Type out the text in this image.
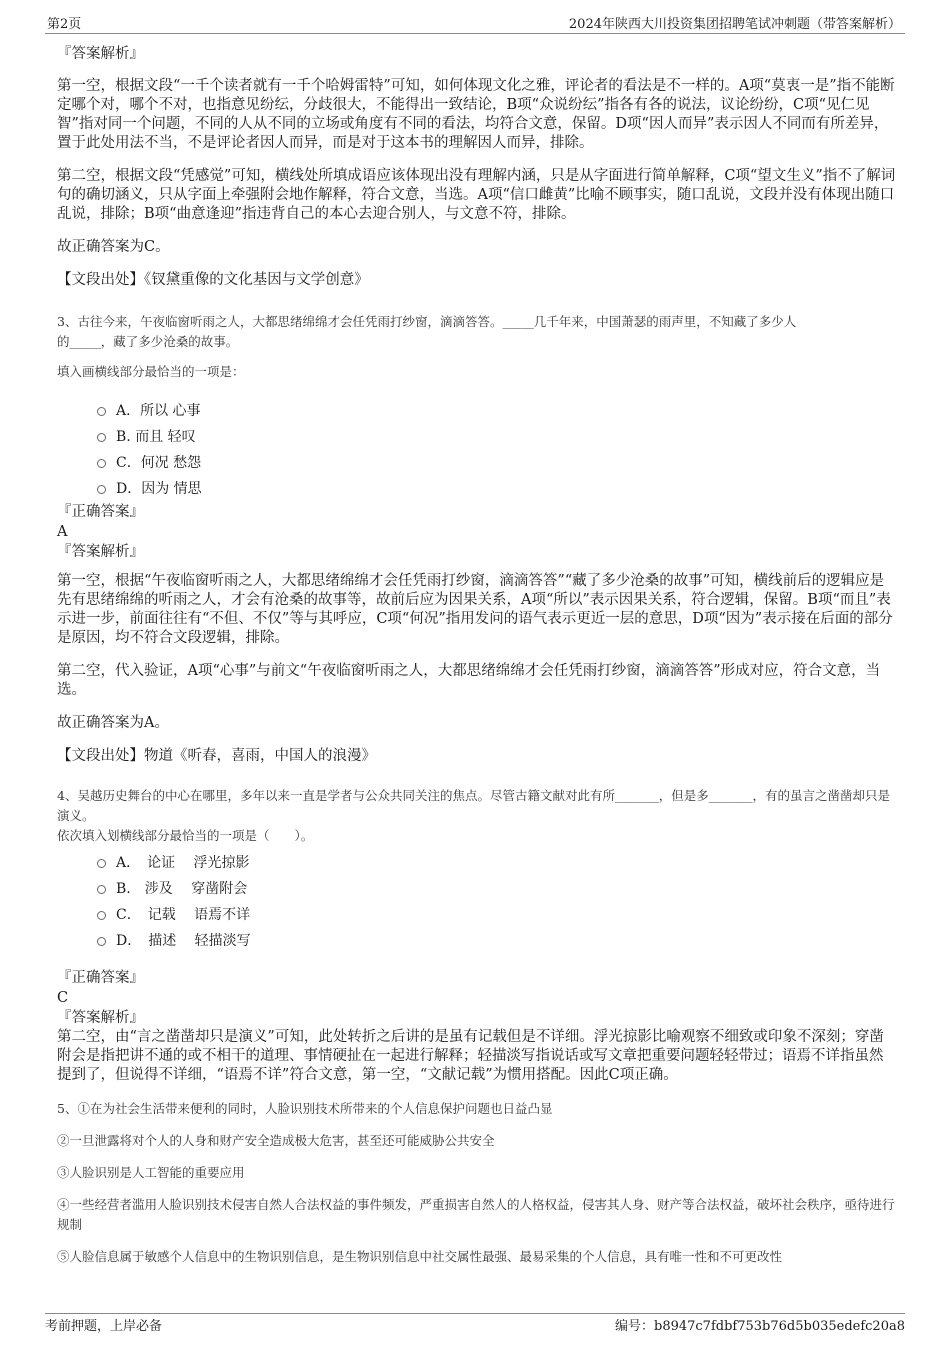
第2页	2024年陕西大川投资集团招聘笔试冲刺题（带答案解析）
『答案解析』

第一空，根据文段“一千个读者就有一千个哈姆雷特”可知，如何体现文化之雅，评论者的看法是不一样的。A项“莫衷一是”指不能断定哪个对，哪个不对，也指意见纷纭，分歧很大，不能得出一致结论，B项“众说纷纭”指各有各的说法，议论纷纷，C项“见仁见智”指对同一个问题，不同的人从不同的立场或角度有不同的看法，均符合文意，保留。D项“因人而异”表示因人不同而有所差异，置于此处用法不当，不是评论者因人而异，而是对于这本书的理解因人而异，排除。

第二空，根据文段“凭感觉”可知，横线处所填成语应该体现出没有理解内涵，只是从字面进行简单解释，C项“望文生义”指不了解词句的确切涵义，只从字面上牵强附会地作解释，符合文意，当选。A项“信口雌黄”比喻不顾事实，随口乱说，文段并没有体现出随口乱说，排除；B项“曲意逢迎”指违背自己的本心去迎合别人，与文意不符，排除。

故正确答案为C。

【文段出处】《钗黛重像的文化基因与文学创意》

3、古往今来，午夜临窗听雨之人，大都思绪绵绵才会任凭雨打纱窗，滴滴答答。_____几千年来，中国萧瑟的雨声里，不知藏了多少人

的_____，藏了多少沧桑的故事。

填入画横线部分最恰当的一项是：

A．所以 心事
B. 而且 轻叹
C．何况 愁怨
D．因为 情思
『正确答案』
A
『答案解析』

第一空，根据“午夜临窗听雨之人，大都思绪绵绵才会任凭雨打纱窗，滴滴答答”“藏了多少沧桑的故事”可知，横线前后的逻辑应是先有思绪绵绵的听雨之人，才会有沧桑的故事等，故前后应为因果关系，A项“所以”表示因果关系，符合逻辑，保留。B项“而且”表示进一步，前面往往有“不但、不仅”等与其呼应，C项“何况”指用发问的语气表示更近一层的意思，D项“因为”表示接在后面的部分是原因，均不符合文段逻辑，排除。

第二空，代入验证，A项“心事”与前文“午夜临窗听雨之人，大都思绪绵绵才会任凭雨打纱窗，滴滴答答”形成对应，符合文意，当选。

故正确答案为A。

【文段出处】物道《听春，喜雨，中国人的浪漫》

4、吴越历史舞台的中心在哪里，多年以来一直是学者与公众共同关注的焦点。尽管古籍文献对此有所_______，但是多_______，有的虽言之凿凿却只是演义。

依次填入划横线部分最恰当的一项是（　　）。

A．　论证　 浮光掠影
B.　涉及　 穿凿附会
C．　记载　 语焉不详
D．　描述　 轻描淡写
『正确答案』
C
『答案解析』

第二空，由“言之凿凿却只是演义”可知，此处转折之后讲的是虽有记载但是不详细。浮光掠影比喻观察不细致或印象不深刻；穿凿附会是指把讲不通的或不相干的道理、事情硬扯在一起进行解释；轻描淡写指说话或写文章把重要问题轻轻带过；语焉不详指虽然提到了，但说得不详细，“语焉不详”符合文意，第一空，“文献记载”为惯用搭配。因此C项正确。

5、①在为社会生活带来便利的同时，人脸识别技术所带来的个人信息保护问题也日益凸显

②一旦泄露将对个人的人身和财产安全造成极大危害，甚至还可能威胁公共安全

③人脸识别是人工智能的重要应用

④一些经营者滥用人脸识别技术侵害自然人合法权益的事件频发，严重损害自然人的人格权益，侵害其人身、财产等合法权益，破坏社会秩序，亟待进行规制

⑤人脸信息属于敏感个人信息中的生物识别信息，是生物识别信息中社交属性最强、最易采集的个人信息，具有唯一性和不可更改性

考前押题，上岸必备	编号：b8947c7fdbf753b76d5b035edefc20a8
